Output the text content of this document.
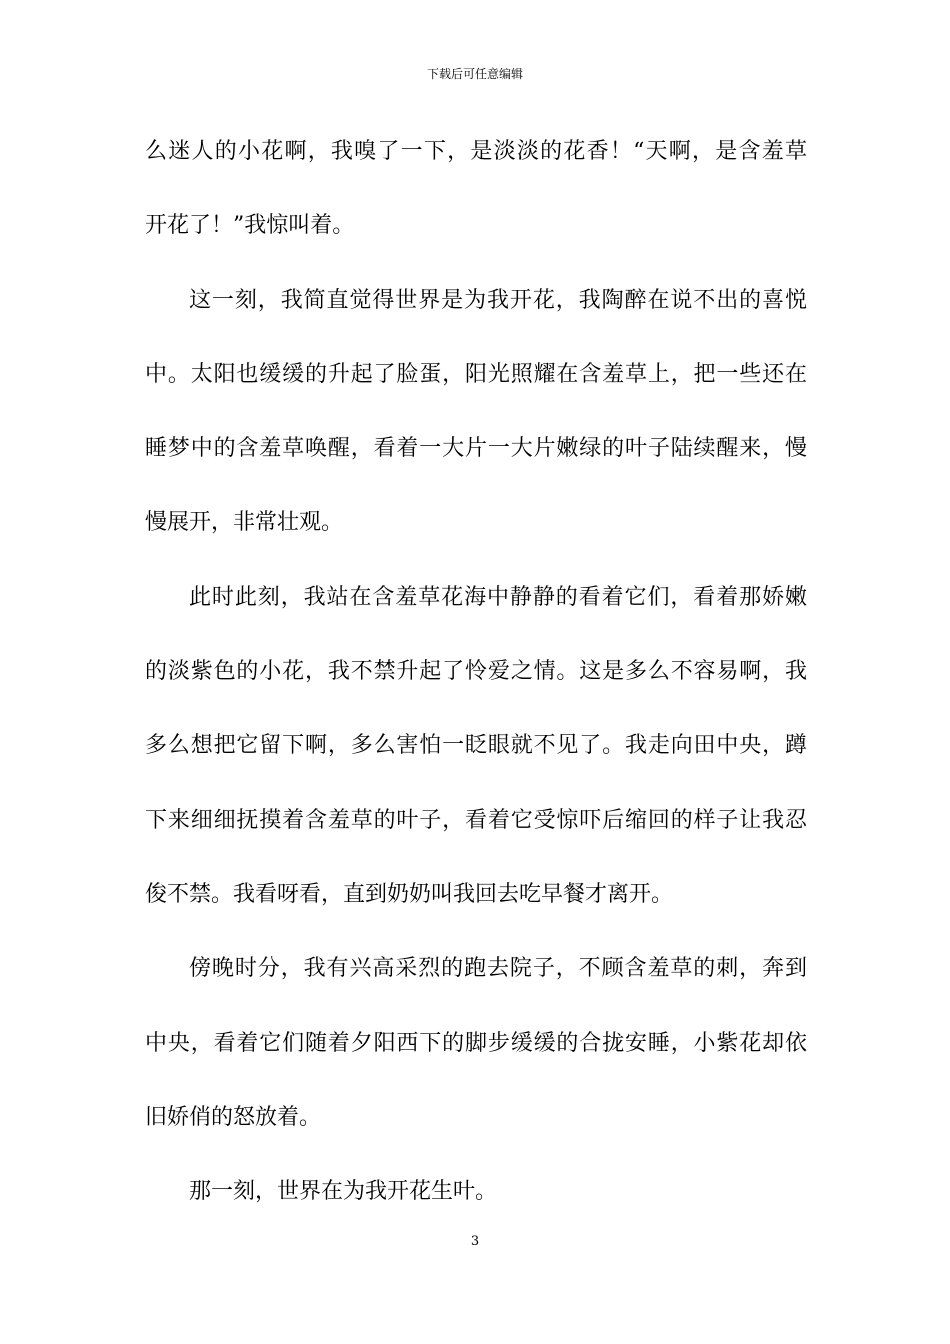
下载后可任意编辑
么迷人的小花啊，我嗅了一下，是淡淡的花香！“天啊，是含羞草
开花了！”我惊叫着。
这一刻，我简直觉得世界是为我开花，我陶醉在说不出的喜悦
中。太阳也缓缓的升起了脸蛋，阳光照耀在含羞草上，把一些还在
睡梦中的含羞草唤醒，看着一大片一大片嫩绿的叶子陆续醒来，慢
慢展开，非常壮观。
此时此刻，我站在含羞草花海中静静的看着它们，看着那娇嫩
的淡紫色的小花，我不禁升起了怜爱之情。这是多么不容易啊，我
多么想把它留下啊，多么害怕一眨眼就不见了。我走向田中央，蹲
下来细细抚摸着含羞草的叶子，看着它受惊吓后缩回的样子让我忍
俊不禁。我看呀看，直到奶奶叫我回去吃早餐才离开。
傍晚时分，我有兴高采烈的跑去院子，不顾含羞草的刺，奔到
中央，看着它们随着夕阳西下的脚步缓缓的合拢安睡，小紫花却依
旧娇俏的怒放着。
那一刻，世界在为我开花生叶。
3
